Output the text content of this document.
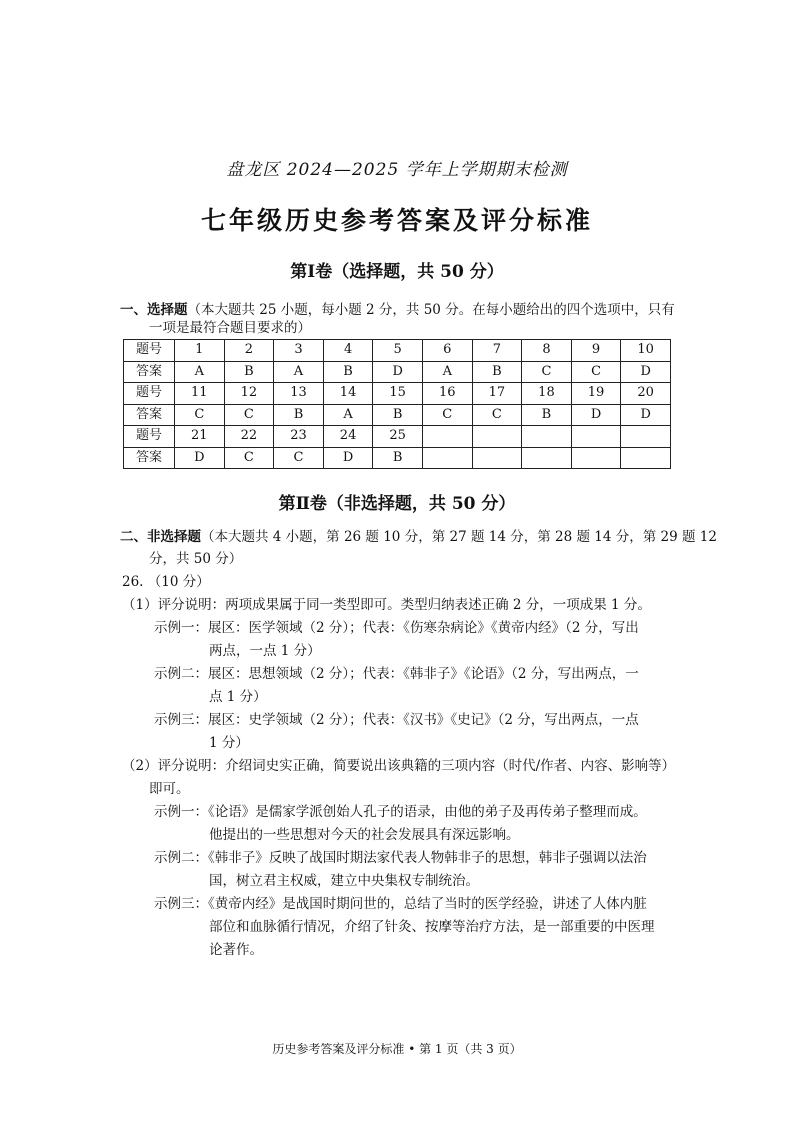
盘龙区 2024—2025 学年上学期期末检测
七年级历史参考答案及评分标准
第Ⅰ卷（选择题，共 50 分）
一、选择题（本大题共 25 小题，每小题 2 分，共 50 分。在每小题给出的四个选项中，只有
一项是最符合题目要求的）
题号	1	2	3	4	5	6	7	8	9	10
答案	A	B	A	B	D	A	B	C	C	D
题号	11	12	13	14	15	16	17	18	19	20
答案	C	C	B	A	B	C	C	B	D	D
题号	21	22	23	24	25					
答案	D	C	C	D	B					
第Ⅱ卷（非选择题，共 50 分）
二、非选择题（本大题共 4 小题，第 26 题 10 分，第 27 题 14 分，第 28 题 14 分，第 29 题 12
分，共 50 分）
26. （10 分）
（1）评分说明：两项成果属于同一类型即可。类型归纳表述正确 2 分，一项成果 1 分。
示例一：展区：医学领域（2 分）；代表：《伤寒杂病论》《黄帝内经》（2 分，写出
两点，一点 1 分）
示例二：展区：思想领域（2 分）；代表：《韩非子》《论语》（2 分，写出两点，一
点 1 分）
示例三：展区：史学领域（2 分）；代表：《汉书》《史记》（2 分，写出两点，一点
1 分）
（2）评分说明：介绍词史实正确，简要说出该典籍的三项内容（时代/作者、内容、影响等）
即可。
示例一：《论语》是儒家学派创始人孔子的语录，由他的弟子及再传弟子整理而成。
他提出的一些思想对今天的社会发展具有深远影响。
示例二：《韩非子》反映了战国时期法家代表人物韩非子的思想，韩非子强调以法治
国，树立君主权威，建立中央集权专制统治。
示例三：《黄帝内经》是战国时期问世的，总结了当时的医学经验，讲述了人体内脏
部位和血脉循行情况，介绍了针灸、按摩等治疗方法，是一部重要的中医理
论著作。
历史参考答案及评分标准 • 第 1 页（共 3 页）
